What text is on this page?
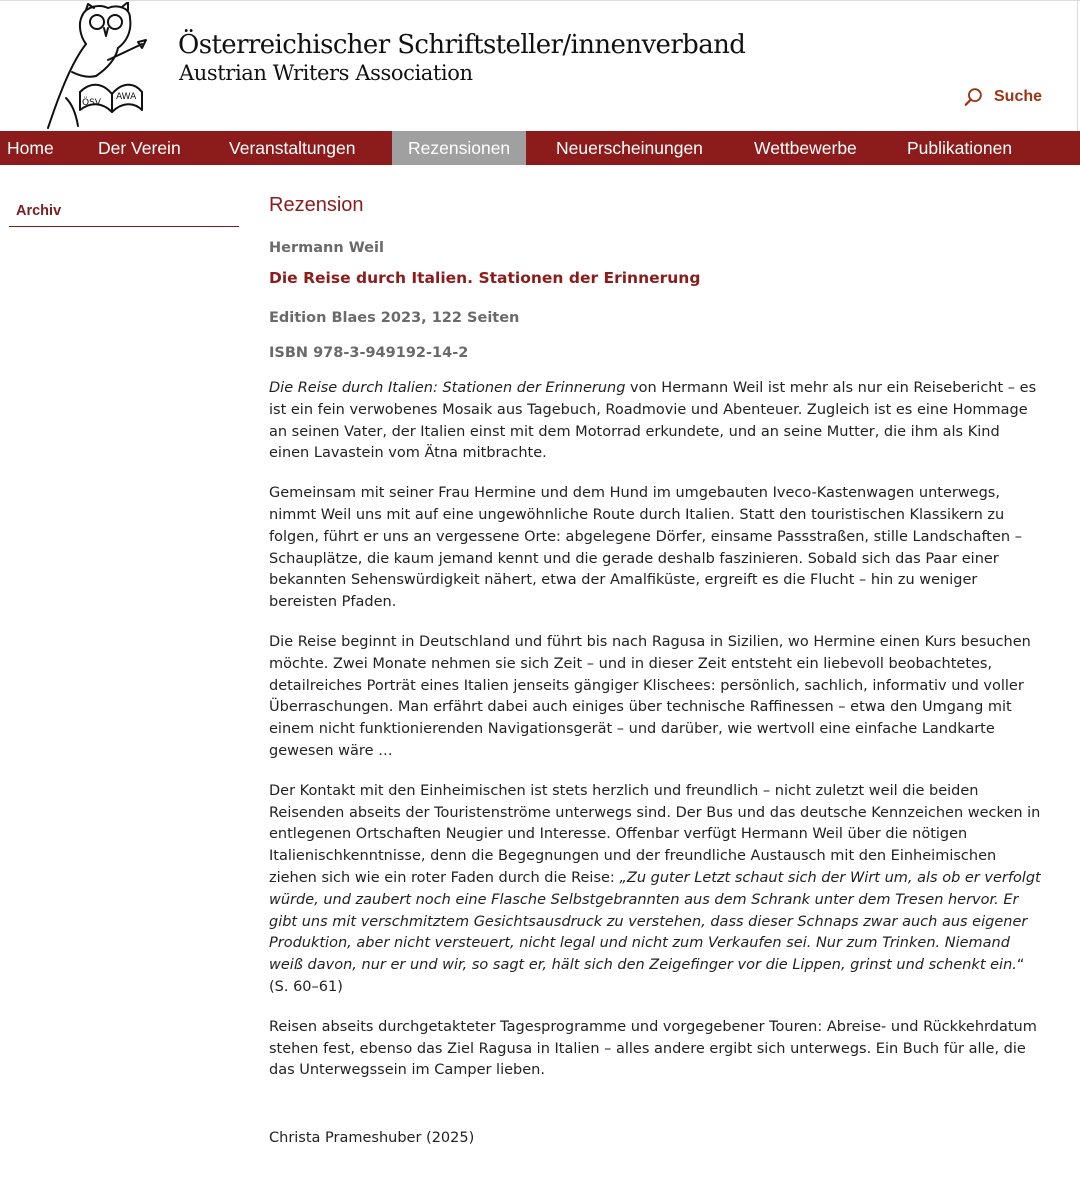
ÖSV
AWA
Österreichischer Schriftsteller/innenverband
Austrian Writers Association
Suche
Home	Der Verein	Veranstaltungen	Rezensionen	Neuerscheinungen	Wettbewerbe	Publikationen
Archiv	Rezension
Hermann Weil
Die Reise durch Italien. Stationen der Erinnerung
Edition Blaes 2023, 122 Seiten
ISBN 978-3-949192-14-2

Die Reise durch Italien: Stationen der Erinnerung von Hermann Weil ist mehr als nur ein Reisebericht – es ist ein fein verwobenes Mosaik aus Tagebuch, Roadmovie und Abenteuer. Zugleich ist es eine Hommage an seinen Vater, der Italien einst mit dem Motorrad erkundete, und an seine Mutter, die ihm als Kind einen Lavastein vom Ätna mitbrachte.

Gemeinsam mit seiner Frau Hermine und dem Hund im umgebauten Iveco-Kastenwagen unterwegs, nimmt Weil uns mit auf eine ungewöhnliche Route durch Italien. Statt den touristischen Klassikern zu folgen, führt er uns an vergessene Orte: abgelegene Dörfer, einsame Passstraßen, stille Landschaften – Schauplätze, die kaum jemand kennt und die gerade deshalb faszinieren. Sobald sich das Paar einer bekannten Sehenswürdigkeit nähert, etwa der Amalfiküste, ergreift es die Flucht – hin zu weniger bereisten Pfaden.

Die Reise beginnt in Deutschland und führt bis nach Ragusa in Sizilien, wo Hermine einen Kurs besuchen möchte. Zwei Monate nehmen sie sich Zeit – und in dieser Zeit entsteht ein liebevoll beobachtetes, detailreiches Porträt eines Italien jenseits gängiger Klischees: persönlich, sachlich, informativ und voller Überraschungen. Man erfährt dabei auch einiges über technische Raffinessen – etwa den Umgang mit einem nicht funktionierenden Navigationsgerät – und darüber, wie wertvoll eine einfache Landkarte gewesen wäre …

Der Kontakt mit den Einheimischen ist stets herzlich und freundlich – nicht zuletzt weil die beiden Reisenden abseits der Touristenströme unterwegs sind. Der Bus und das deutsche Kennzeichen wecken in entlegenen Ortschaften Neugier und Interesse. Offenbar verfügt Hermann Weil über die nötigen Italienischkenntnisse, denn die Begegnungen und der freundliche Austausch mit den Einheimischen ziehen sich wie ein roter Faden durch die Reise: „Zu guter Letzt schaut sich der Wirt um, als ob er verfolgt würde, und zaubert noch eine Flasche Selbstgebrannten aus dem Schrank unter dem Tresen hervor. Er gibt uns mit verschmitztem Gesichtsausdruck zu verstehen, dass dieser Schnaps zwar auch aus eigener Produktion, aber nicht versteuert, nicht legal und nicht zum Verkaufen sei. Nur zum Trinken. Niemand weiß davon, nur er und wir, so sagt er, hält sich den Zeigefinger vor die Lippen, grinst und schenkt ein.“ (S. 60–61)

Reisen abseits durchgetakteter Tagesprogramme und vorgegebener Touren: Abreise- und Rückkehrdatum stehen fest, ebenso das Ziel Ragusa in Italien – alles andere ergibt sich unterwegs. Ein Buch für alle, die das Unterwegssein im Camper lieben.

Christa Prameshuber (2025)
